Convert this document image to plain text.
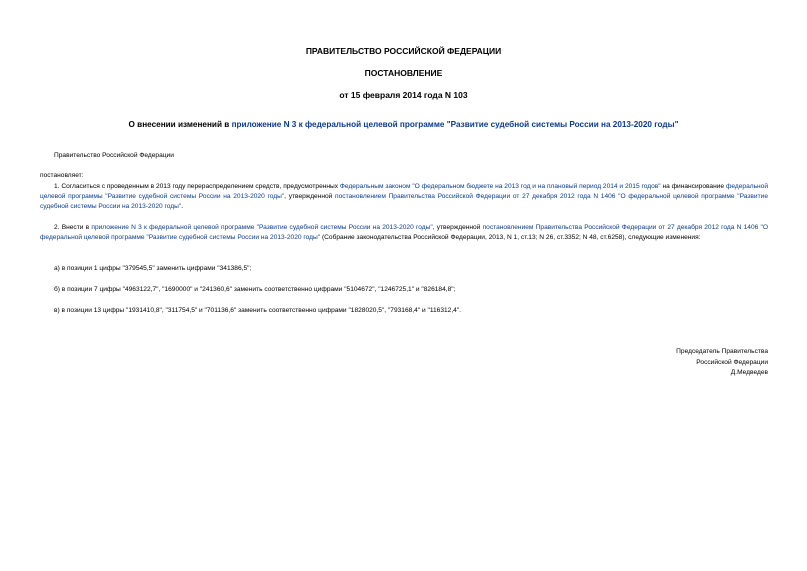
ПРАВИТЕЛЬСТВО РОССИЙСКОЙ ФЕДЕРАЦИИ
ПОСТАНОВЛЕНИЕ
от 15 февраля 2014 года N 103
О внесении изменений в приложение N 3 к федеральной целевой программе "Развитие судебной системы России на 2013-2020 годы"
Правительство Российской Федерации
постановляет:
1. Согласиться с проведенным в 2013 году перераспределением средств, предусмотренных Федеральным законом "О федеральном бюджете на 2013 год и на плановый период 2014 и 2015 годов" на финансирование федеральной целевой программы "Развитие судебной системы России на 2013-2020 годы", утвержденной постановлением Правительства Российской Федерации от 27 декабря 2012 года N 1406 "О федеральной целевой программе "Развитие судебной системы России на 2013-2020 годы".
2. Внести в приложение N 3 к федеральной целевой программе "Развитие судебной системы России на 2013-2020 годы", утвержденной постановлением Правительства Российской Федерации от 27 декабря 2012 года N 1406 "О федеральной целевой программе "Развитие судебной системы России на 2013-2020 годы" (Собрание законодательства Российской Федерации, 2013, N 1, ст.13; N 26, ст.3352; N 48, ст.6258), следующие изменения:
а) в позиции 1 цифры "379545,5" заменить цифрами "341386,5";
б) в позиции 7 цифры "4963122,7", "1690000" и "241360,6" заменить соответственно цифрами "5104672", "1246725,1" и "826184,8";
в) в позиции 13 цифры "1931410,8", "311754,5" и "701136,6" заменить соответственно цифрами "1828020,5", "793168,4" и "116312,4".
Председатель Правительства
Российской Федерации
Д.Медведев
